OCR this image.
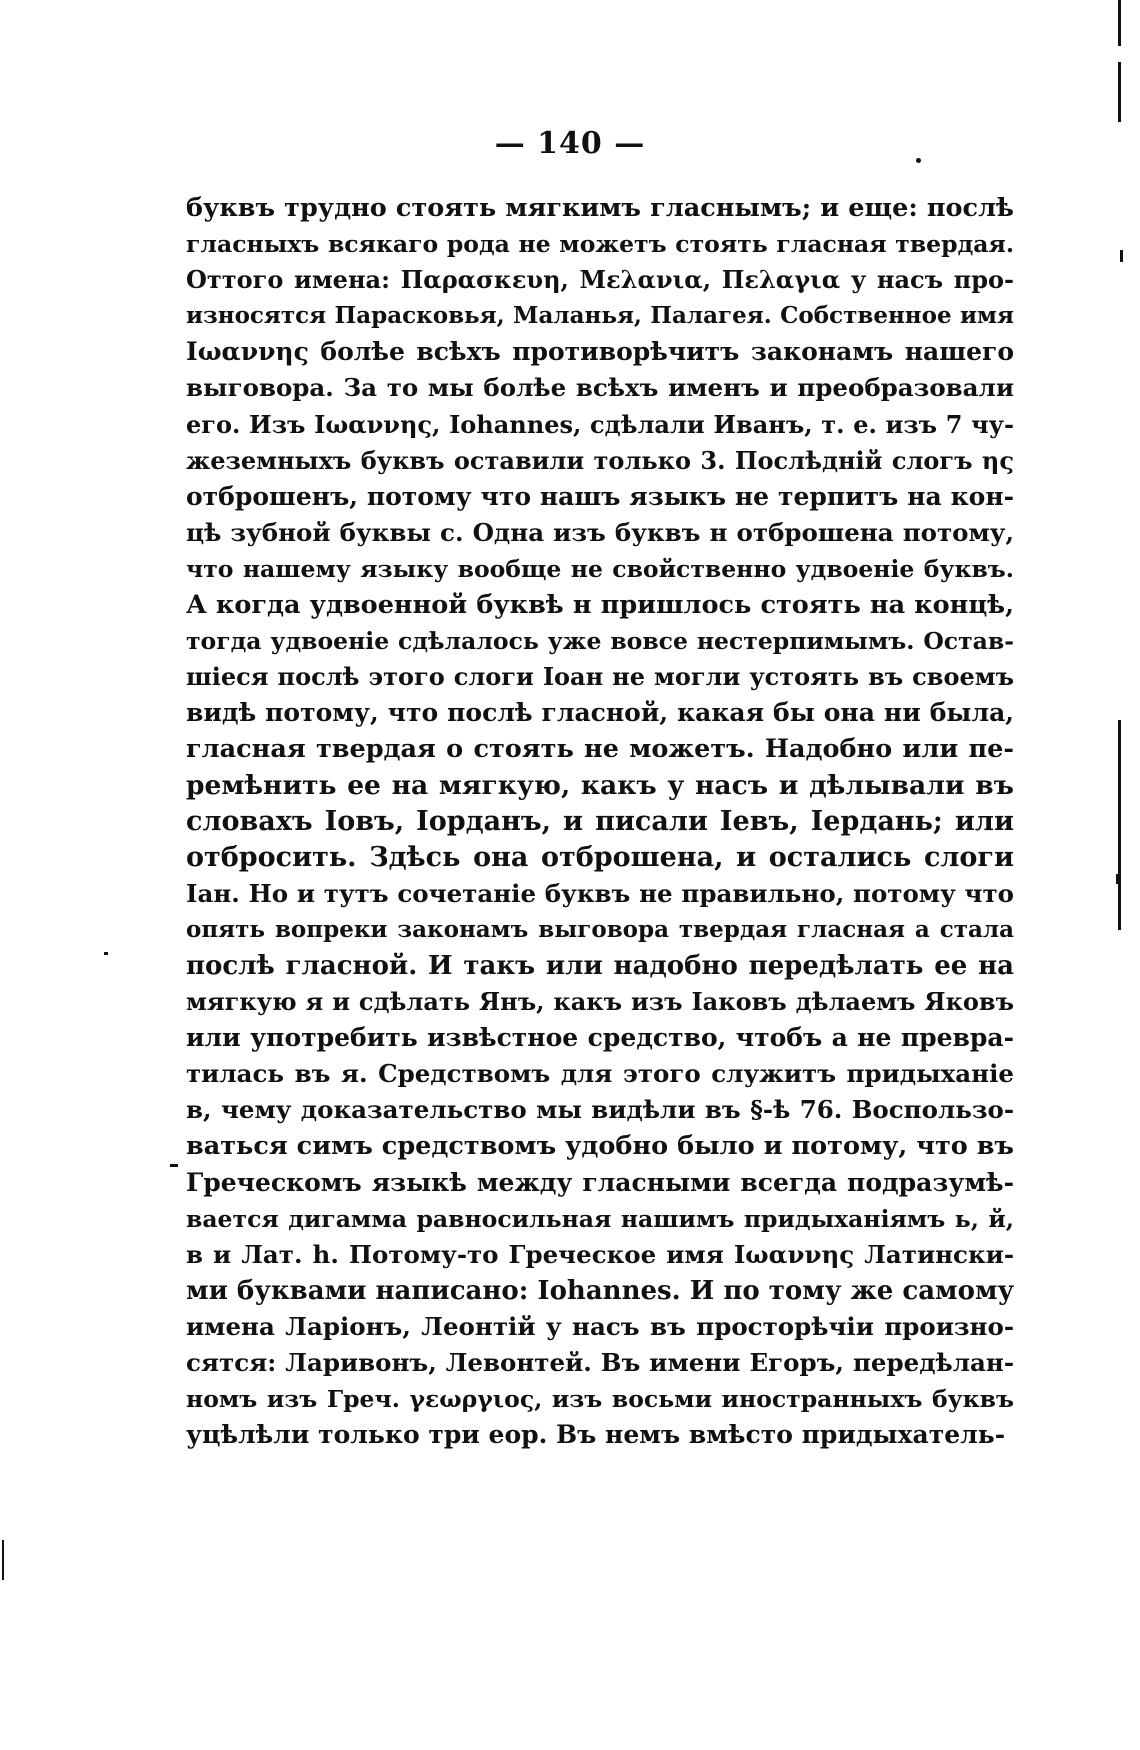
— 140 —
буквъ трудно стоять мягкимъ гласнымъ; и еще: послѣ
гласныхъ всякаго рода не можетъ стоять гласная твердая.
Оттого имена: Παρασκευη, Μελανια, Πελαγια у насъ про-
износятся Парасковья, Маланья, Палагея. Собственное имя
Ιωαννης болѣе всѣхъ противорѣчитъ законамъ нашего
выговора. За то мы болѣе всѣхъ именъ и преобразовали
его. Изъ Ιωαννης, Iohannes, сдѣлали Иванъ, т. е. изъ 7 чу-
жеземныхъ буквъ оставили только 3. Послѣднiй слогъ ης
отброшенъ, потому что нашъ языкъ не терпитъ на кон-
цѣ зубной буквы с. Одна изъ буквъ н отброшена потому,
что нашему языку вообще не свойственно удвоенiе буквъ.
А когда удвоенной буквѣ н пришлось стоять на концѣ,
тогда удвоенiе сдѣлалось уже вовсе нестерпимымъ. Остав-
шiеся послѣ этого слоги Iоан не могли устоять въ своемъ
видѣ потому, что послѣ гласной, какая бы она ни была,
гласная твердая о стоять не можетъ. Надобно или пе-
ремѣнить ее на мягкую, какъ у насъ и дѣлывали въ
словахъ Iовъ, Iорданъ, и писали Iевъ, Iердань; или
отбросить. Здѣсь она отброшена, и остались слоги
Iан. Но и тутъ сочетанiе буквъ не правильно, потому что
опять вопреки законамъ выговора твердая гласная а стала
послѣ гласной. И такъ или надобно передѣлать ее на
мягкую я и сдѣлать Янъ, какъ изъ Iаковъ дѣлаемъ Яковъ
или употребить извѣстное средство, чтобъ а не превра-
тилась въ я. Средствомъ для этого служитъ придыханiе
в, чему доказательство мы видѣли въ §-ѣ 76. Воспользо-
ваться симъ средствомъ удобно было и потому, что въ
Греческомъ языкѣ между гласными всегда подразумѣ-
вается дигамма равносильная нашимъ придыханiямъ ь, й,
в и Лат. h. Потому-то Греческое имя Ιωαννης Латински-
ми буквами написано: Iohannes. И по тому же самому
имена Ларiонъ, Леонтiй у насъ въ просторѣчiи произно-
сятся: Ларивонъ, Левонтей. Въ имени Егоръ, передѣлан-
номъ изъ Греч. γεωργιος, изъ восьми иностранныхъ буквъ
уцѣлѣли только три еор. Въ немъ вмѣсто придыхатель-
